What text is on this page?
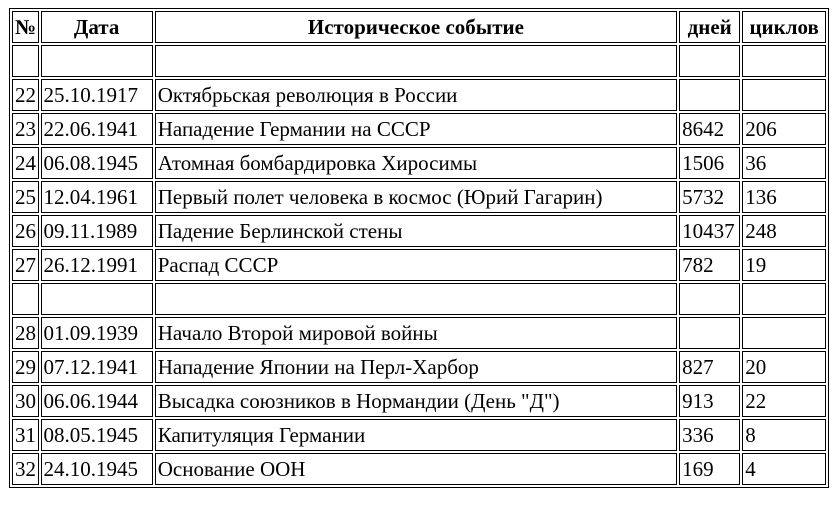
№	Дата	Историческое событие	дней	циклов

22	25.10.1917	Октябрьская революция в России		
23	22.06.1941	Нападение Германии на СССР	8642	206
24	06.08.1945	Атомная бомбардировка Хиросимы	1506	36
25	12.04.1961	Первый полет человека в космос (Юрий Гагарин)	5732	136
26	09.11.1989	Падение Берлинской стены	10437	248
27	26.12.1991	Распад СССР	782	19

28	01.09.1939	Начало Второй мировой войны		
29	07.12.1941	Нападение Японии на Перл-Харбор	827	20
30	06.06.1944	Высадка союзников в Нормандии (День "Д")	913	22
31	08.05.1945	Капитуляция Германии	336	8
32	24.10.1945	Основание ООН	169	4
